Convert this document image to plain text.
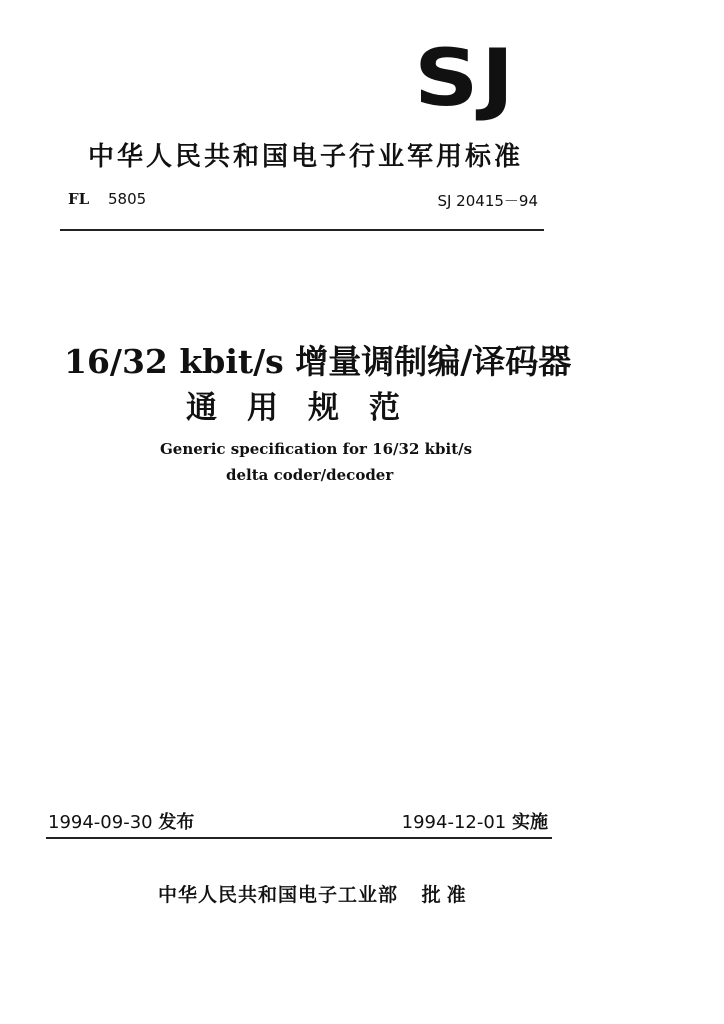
SJ
中华人民共和国电子行业军用标准
FL 5805	SJ 20415－94
16/32 kbit/s 增量调制编/译码器
通用规范
Generic specification for 16/32 kbit/s
delta coder/decoder
1994-09-30 发布	1994-12-01 实施
中华人民共和国电子工业部 批准
